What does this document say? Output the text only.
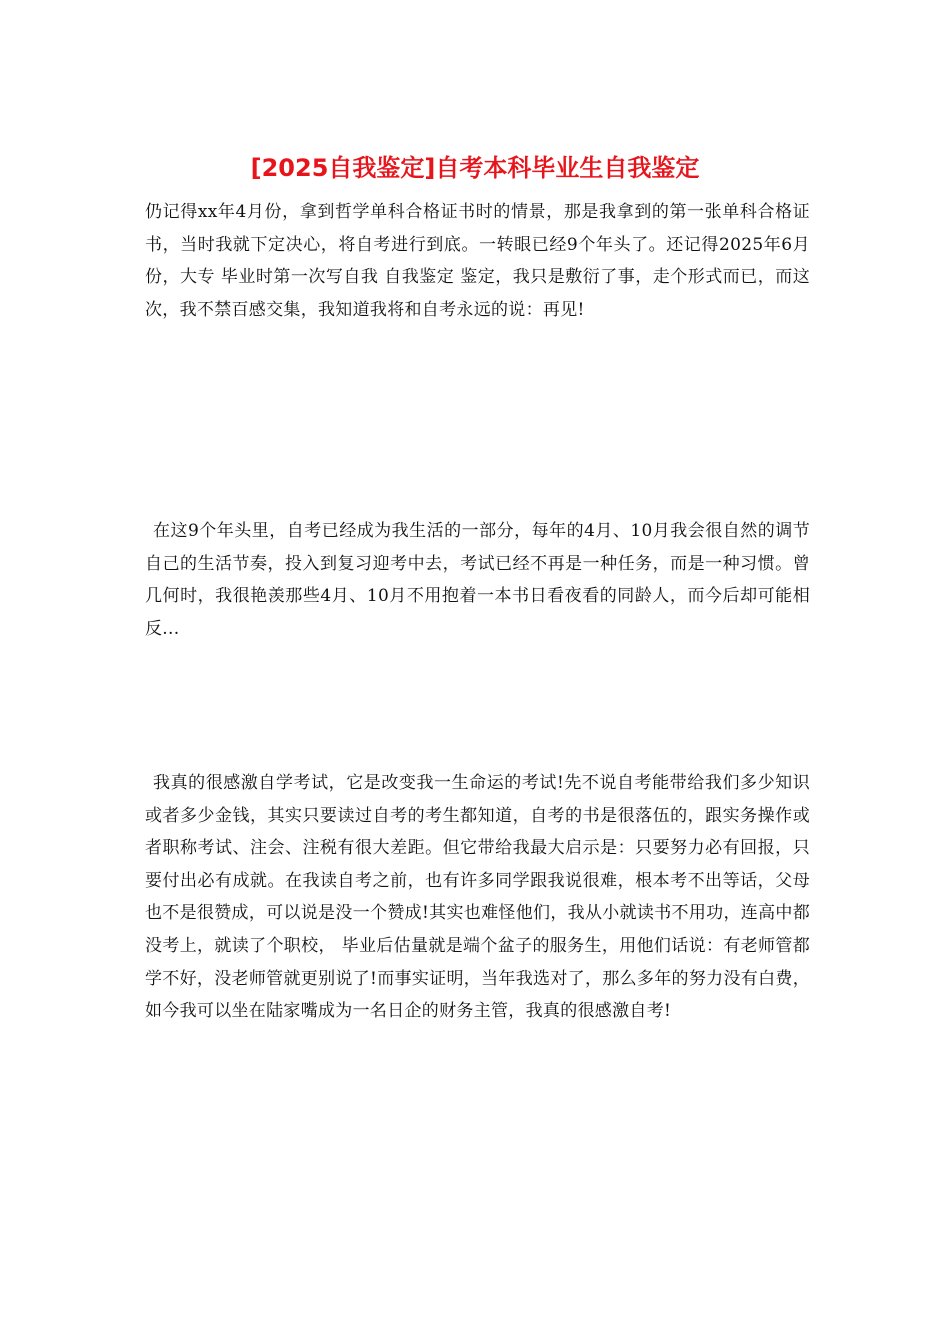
[2025自我鉴定]自考本科毕业生自我鉴定

仍记得xx年4月份，拿到哲学单科合格证书时的情景，那是我拿到的第一张单科合格证书，当时我就下定决心，将自考进行到底。一转眼已经9个年头了。还记得2025年6月份，大专 毕业时第一次写自我 自我鉴定 鉴定，我只是敷衍了事，走个形式而已，而这次，我不禁百感交集，我知道我将和自考永远的说：再见!

在这9个年头里，自考已经成为我生活的一部分，每年的4月、10月我会很自然的调节自己的生活节奏，投入到复习迎考中去，考试已经不再是一种任务，而是一种习惯。曾几何时，我很艳羡那些4月、10月不用抱着一本书日看夜看的同龄人，而今后却可能相反...

我真的很感激自学考试，它是改变我一生命运的考试!先不说自考能带给我们多少知识或者多少金钱，其实只要读过自考的考生都知道，自考的书是很落伍的，跟实务操作或者职称考试、注会、注税有很大差距。但它带给我最大启示是：只要努力必有回报，只要付出必有成就。在我读自考之前，也有许多同学跟我说很难，根本考不出等话，父母也不是很赞成，可以说是没一个赞成!其实也难怪他们，我从小就读书不用功，连高中都没考上，就读了个职校， 毕业后估量就是端个盆子的服务生，用他们话说：有老师管都学不好，没老师管就更别说了!而事实证明，当年我选对了，那么多年的努力没有白费，如今我可以坐在陆家嘴成为一名日企的财务主管，我真的很感激自考!
